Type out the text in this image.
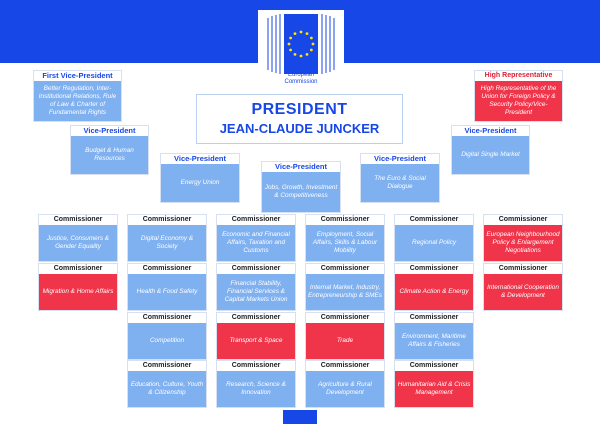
European
Commission
PRESIDENT
JEAN-CLAUDE JUNCKER
First Vice-President
Better Regulation, Inter-Institutional Relations, Rule of Law & Charter of Fundamental Rights
High Representative
High Representative of the Union for Foreign Policy & Security Policy/Vice-President
Vice-President
Budget & Human Resources	Vice-President
Energy Union
Vice-President
Jobs, Growth, Investment & Competitiveness
Vice-President
The Euro & Social Dialogue
Vice-President
Digital Single Market
Commissioner
Justice, Consumers & Gender Equality
Commissioner
Digital Economy & Society
Commissioner
Economic and Financial Affairs, Taxation and Customs
Commissioner
Employment, Social Affairs, Skills & Labour Mobility
Commissioner
Regional Policy
Commissioner
European Neighbourhood Policy & Enlargement Negotiations
Commissioner
Migration & Home Affairs
Commissioner
Health & Food Safety
Commissioner
Financial Stability, Financial Services & Capital Markets Union
Commissioner
Internal Market, Industry, Entrepreneurship & SMEs
Commissioner
Climate Action & Energy
Commissioner
International Cooperation & Development
Commissioner
Competition
Commissioner
Transport & Space
Commissioner
Trade
Commissioner
Environment, Maritime Affairs & Fisheries
Commissioner
Education, Culture, Youth & Citizenship
Commissioner
Research, Science & Innovation
Commissioner
Agriculture & Rural Development
Commissioner
Humanitarian Aid & Crisis Management
